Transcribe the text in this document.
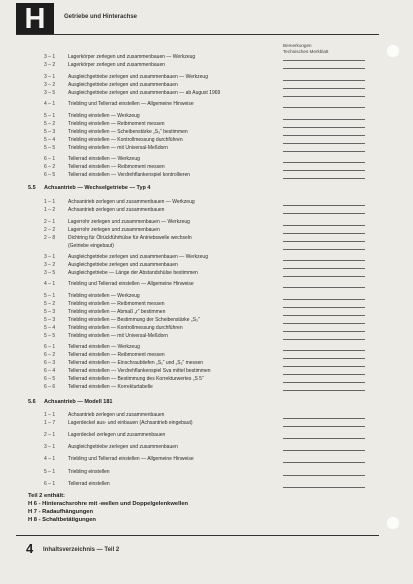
H	Getriebe und Hinterachse
Bemerkungen
Technisches Merkblatt
3 – 1	Lagerkörper zerlegen und zusammenbauen — Werkzeug
3 – 2	Lagerkörper zerlegen und zusammenbauen
3 – 1	Ausgleichgetriebe zerlegen und zusammenbauen — Werkzeug
3 – 2	Ausgleichgetriebe zerlegen und zusammenbauen
3 – 5	Ausgleichgetriebe zerlegen und zusammenbauen — ab August 1969
4 – 1	Triebling und Tellerrad einstellen — Allgemeine Hinweise
5 – 1	Triebling einstellen — Werkzeug
5 – 2	Triebling einstellen — Reibmoment messen
5 – 3	Triebling einstellen — Scheibenstärke „S₃“ bestimmen
5 – 4	Triebling einstellen — Kontrollmessung durchführen
5 – 5	Triebling einstellen — mit Universal-Meßdorn
6 – 1	Tellerrad einstellen — Werkzeug
6 – 2	Tellerrad einstellen — Reibmoment messen
6 – 5	Tellerrad einstellen — Verdrehflankenspiel kontrollieren
5.5 Achsantrieb — Wechselgetriebe — Typ 4
1 – 1	Achsantrieb zerlegen und zusammenbauen — Werkzeug
1 – 2	Achsantrieb zerlegen und zusammenbauen
2 – 1	Lagerrohr zerlegen und zusammenbauen — Werkzeug
2 – 2	Lagerrohr zerlegen und zusammenbauen
2 – 8	Dichtring für Ölrückführhülse für Antriebswelle wechseln
(Getriebe eingebaut)
3 – 1	Ausgleichgetriebe zerlegen und zusammenbauen — Werkzeug
3 – 2	Ausgleichgetriebe zerlegen und zusammenbauen
3 – 5	Ausgleichgetriebe — Länge der Abstandshülse bestimmen
4 – 1	Triebling und Tellerrad einstellen — Allgemeine Hinweise
5 – 1	Triebling einstellen — Werkzeug
5 – 2	Triebling einstellen — Reibmoment messen
5 – 3	Triebling einstellen — Abmaß „r“ bestimmen
5 – 3	Triebling einstellen — Bestimmung der Scheibenstärke „S₃“
5 – 4	Triebling einstellen — Kontrollmessung durchführen
5 – 5	Triebling einstellen — mit Universal-Meßdorn
6 – 1	Tellerrad einstellen — Werkzeug
6 – 2	Tellerrad einstellen — Reibmoment messen
6 – 3	Tellerrad einstellen — Einschraubtiefen „S₁“ und „S₂“ messen
6 – 4	Tellerrad einstellen — Verdrehflankenspiel Sva mittel bestimmen
6 – 5	Tellerrad einstellen — Bestimmung des Korrekturwertes „S 5“
6 – 6	Tellerrad einstellen — Korrekturtabelle
5.6 Achsantrieb — Modell 181
1 – 1	Achsantrieb zerlegen und zusammenbauen
1 – 7	Lagerdeckel aus- und einbauen (Achsantrieb eingebaut)
2 – 1	Lagerdeckel zerlegen und zusammenbauen
3 – 1	Ausgleichgetriebe zerlegen und zusammenbauen
4 – 1	Triebling und Tellerrad einstellen — Allgemeine Hinweise
5 – 1	Triebling einstellen
6 – 1	Tellerrad einstellen
Teil 2 enthält:
H 6 - Hinterachsrohre mit -wellen und Doppelgelenkwellen
H 7 - Radaufhängungen
H 8 - Schaltbetätigungen
4 Inhaltsverzeichnis — Teil 2
